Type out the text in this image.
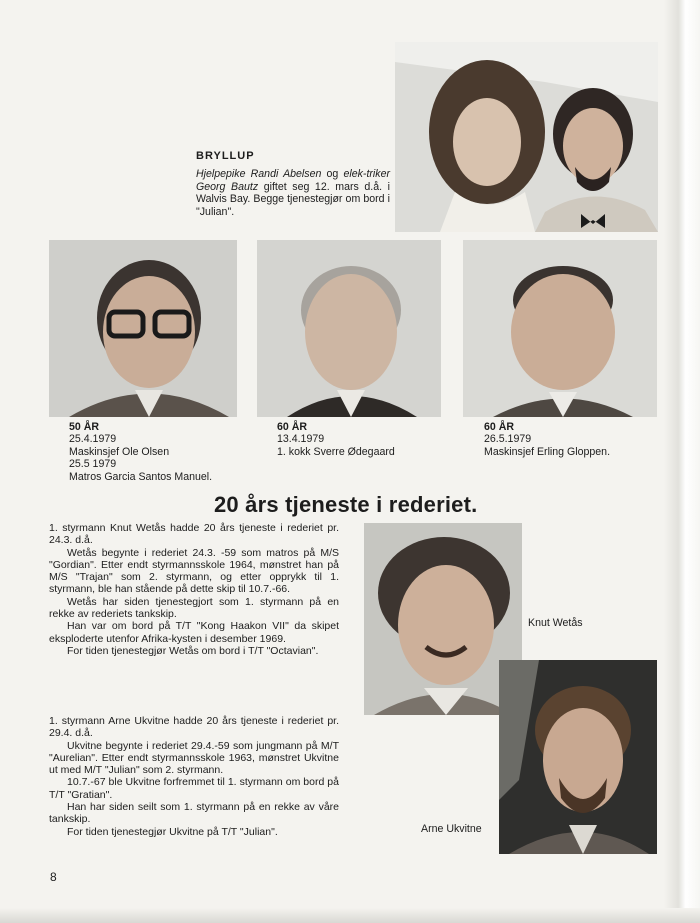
BRYLLUP

Hjelpepike Randi Abelsen og elek-triker Georg Bautz giftet seg 12. mars d.å. i Walvis Bay. Begge tjenestegjør om bord i "Julian".

50 ÅR
25.4.1979
Maskinsjef Ole Olsen
25.5 1979
Matros Garcia Santos Manuel.
60 ÅR
13.4.1979
1. kokk Sverre Ødegaard
60 ÅR
26.5.1979
Maskinsjef Erling Gloppen.
20 års tjeneste i rederiet.

1. styrmann Knut Wetås hadde 20 års tjeneste i rederiet pr. 24.3. d.å.

Wetås begynte i rederiet 24.3. -59 som matros på M/S "Gordian". Etter endt styrmannsskole 1964, mønstret han på M/S "Trajan" som 2. styrmann, og etter opprykk til 1. styrmann, ble han stående på dette skip til 10.7.-66.

Wetås har siden tjenestegjort som 1. styrmann på en rekke av rederiets tankskip.

Han var om bord på T/T "Kong Haakon VII" da skipet eksploderte utenfor Afrika-kysten i desember 1969.

For tiden tjenestegjør Wetås om bord i T/T "Octavian".

1. styrmann Arne Ukvitne hadde 20 års tjeneste i rederiet pr. 29.4. d.å.

Ukvitne begynte i rederiet 29.4.-59 som jungmann på M/T "Aurelian". Etter endt styrmannsskole 1963, mønstret Ukvitne ut med M/T "Julian" som 2. styrmann.

10.7.-67 ble Ukvitne forfremmet til 1. styrmann om bord på T/T "Gratian".

Han har siden seilt som 1. styrmann på en rekke av våre tankskip.

For tiden tjenestegjør Ukvitne på T/T "Julian".

Knut Wetås
Arne Ukvitne
8
